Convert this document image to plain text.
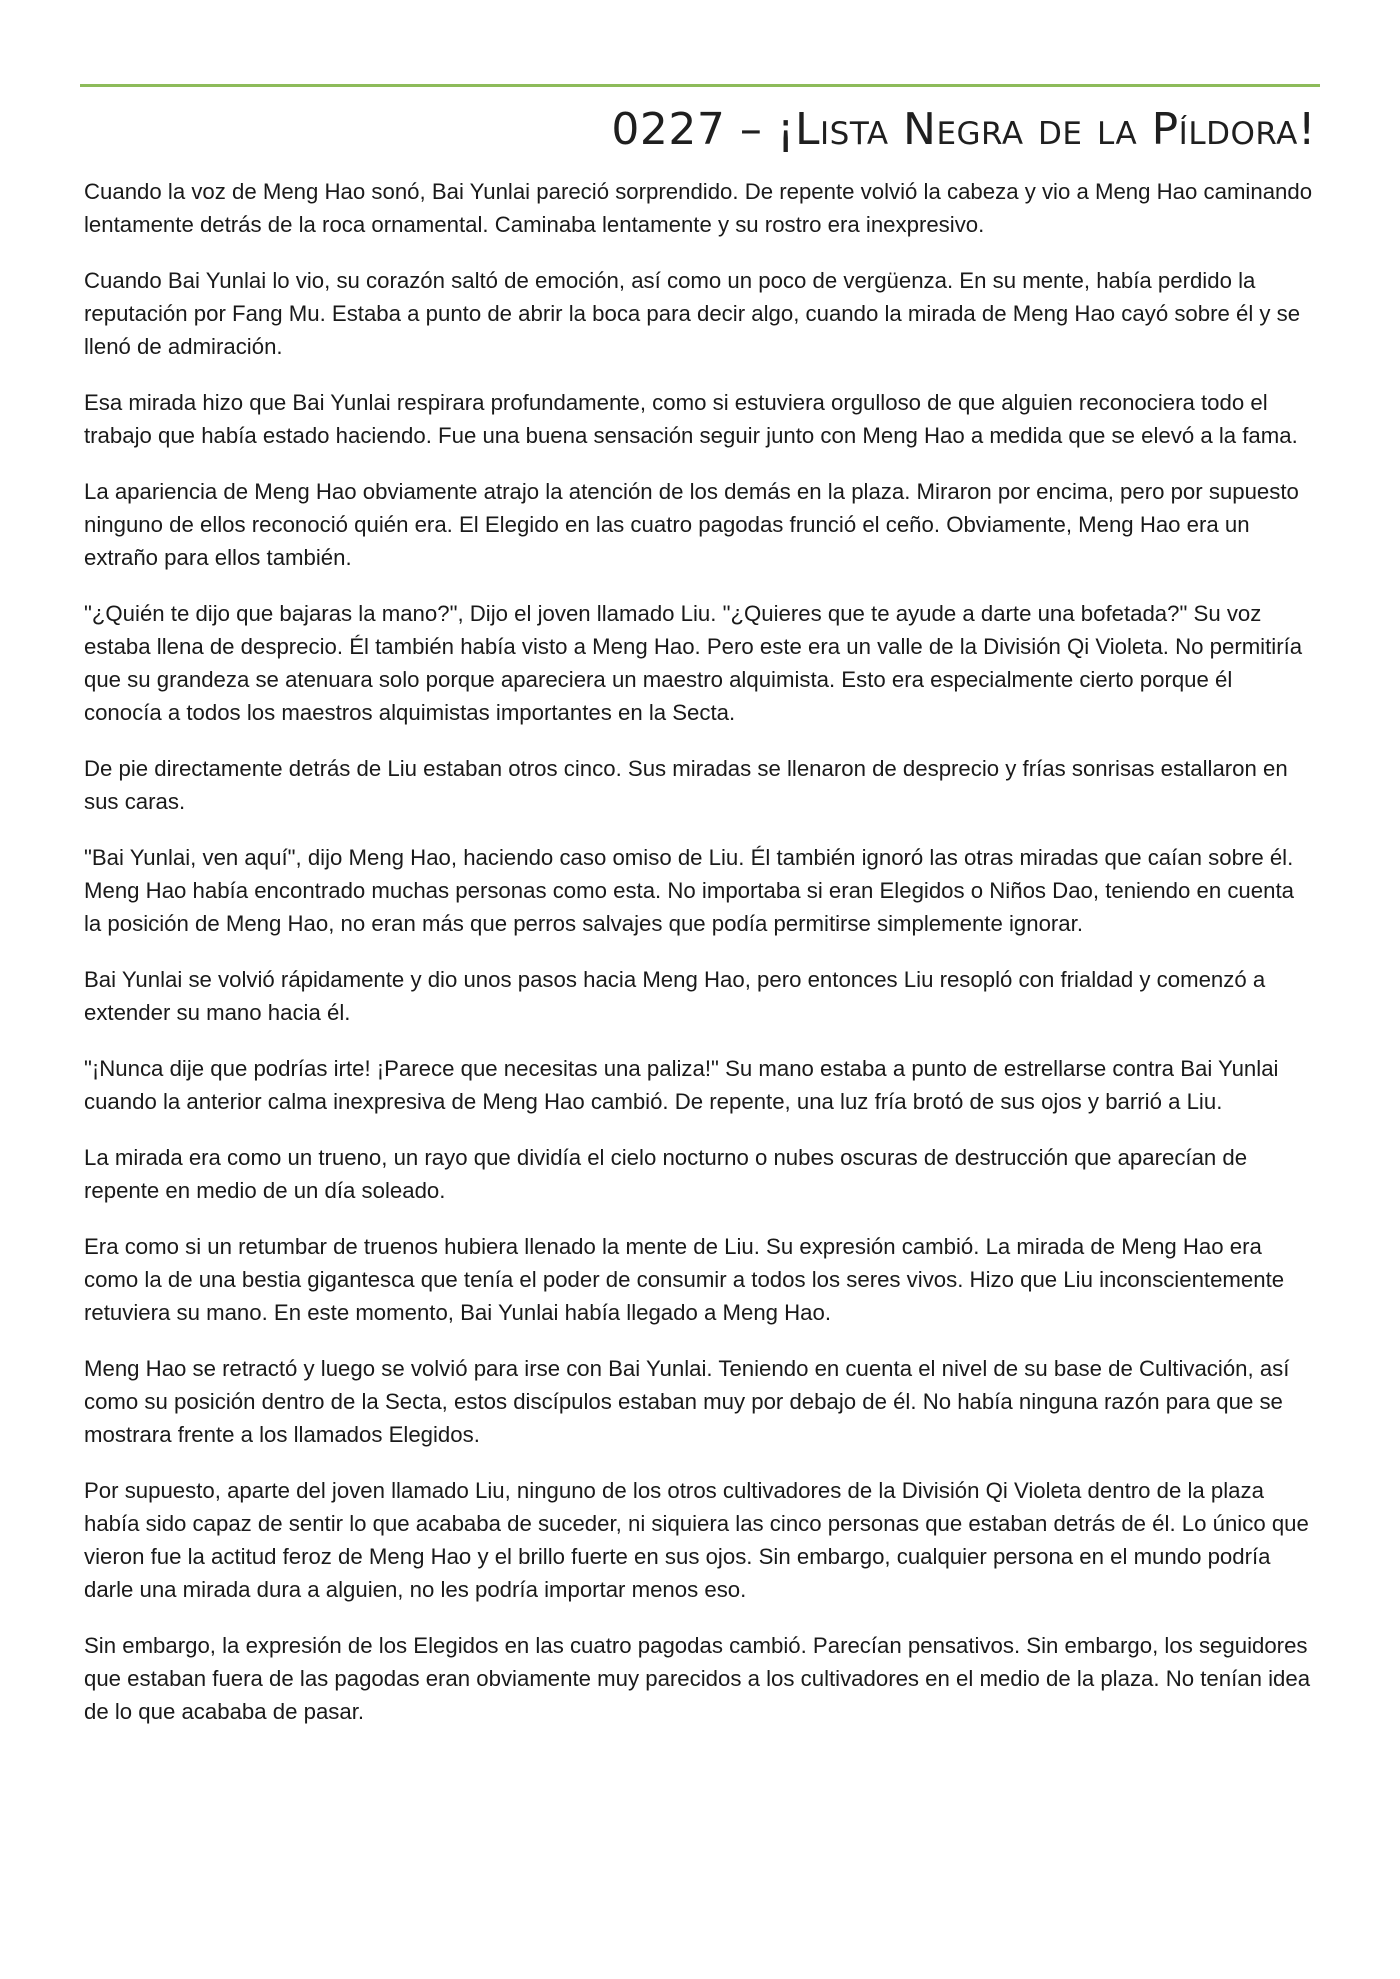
0227 – ¡Lista Negra de la Píldora!

Cuando la voz de Meng Hao sonó, Bai Yunlai pareció sorprendido. De repente volvió la cabeza y vio a Meng Hao caminando lentamente detrás de la roca ornamental. Caminaba lentamente y su rostro era inexpresivo.

Cuando Bai Yunlai lo vio, su corazón saltó de emoción, así como un poco de vergüenza. En su mente, había perdido la reputación por Fang Mu. Estaba a punto de abrir la boca para decir algo, cuando la mirada de Meng Hao cayó sobre él y se llenó de admiración.

Esa mirada hizo que Bai Yunlai respirara profundamente, como si estuviera orgulloso de que alguien reconociera todo el trabajo que había estado haciendo. Fue una buena sensación seguir junto con Meng Hao a medida que se elevó a la fama.

La apariencia de Meng Hao obviamente atrajo la atención de los demás en la plaza. Miraron por encima, pero por supuesto ninguno de ellos reconoció quién era. El Elegido en las cuatro pagodas frunció el ceño. Obviamente, Meng Hao era un extraño para ellos también.

"¿Quién te dijo que bajaras la mano?", Dijo el joven llamado Liu. "¿Quieres que te ayude a darte una bofetada?" Su voz estaba llena de desprecio. Él también había visto a Meng Hao. Pero este era un valle de la División Qi Violeta. No permitiría que su grandeza se atenuara solo porque apareciera un maestro alquimista. Esto era especialmente cierto porque él conocía a todos los maestros alquimistas importantes en la Secta.

De pie directamente detrás de Liu estaban otros cinco. Sus miradas se llenaron de desprecio y frías sonrisas estallaron en sus caras.

"Bai Yunlai, ven aquí", dijo Meng Hao, haciendo caso omiso de Liu. Él también ignoró las otras miradas que caían sobre él. Meng Hao había encontrado muchas personas como esta. No importaba si eran Elegidos o Niños Dao, teniendo en cuenta la posición de Meng Hao, no eran más que perros salvajes que podía permitirse simplemente ignorar.

Bai Yunlai se volvió rápidamente y dio unos pasos hacia Meng Hao, pero entonces Liu resopló con frialdad y comenzó a extender su mano hacia él.

"¡Nunca dije que podrías irte! ¡Parece que necesitas una paliza!" Su mano estaba a punto de estrellarse contra Bai Yunlai cuando la anterior calma inexpresiva de Meng Hao cambió. De repente, una luz fría brotó de sus ojos y barrió a Liu.

La mirada era como un trueno, un rayo que dividía el cielo nocturno o nubes oscuras de destrucción que aparecían de repente en medio de un día soleado.

Era como si un retumbar de truenos hubiera llenado la mente de Liu. Su expresión cambió. La mirada de Meng Hao era como la de una bestia gigantesca que tenía el poder de consumir a todos los seres vivos. Hizo que Liu inconscientemente retuviera su mano. En este momento, Bai Yunlai había llegado a Meng Hao.

Meng Hao se retractó y luego se volvió para irse con Bai Yunlai. Teniendo en cuenta el nivel de su base de Cultivación, así como su posición dentro de la Secta, estos discípulos estaban muy por debajo de él. No había ninguna razón para que se mostrara frente a los llamados Elegidos.

Por supuesto, aparte del joven llamado Liu, ninguno de los otros cultivadores de la División Qi Violeta dentro de la plaza había sido capaz de sentir lo que acababa de suceder, ni siquiera las cinco personas que estaban detrás de él. Lo único que vieron fue la actitud feroz de Meng Hao y el brillo fuerte en sus ojos. Sin embargo, cualquier persona en el mundo podría darle una mirada dura a alguien, no les podría importar menos eso.

Sin embargo, la expresión de los Elegidos en las cuatro pagodas cambió. Parecían pensativos. Sin embargo, los seguidores que estaban fuera de las pagodas eran obviamente muy parecidos a los cultivadores en el medio de la plaza. No tenían idea de lo que acababa de pasar.
